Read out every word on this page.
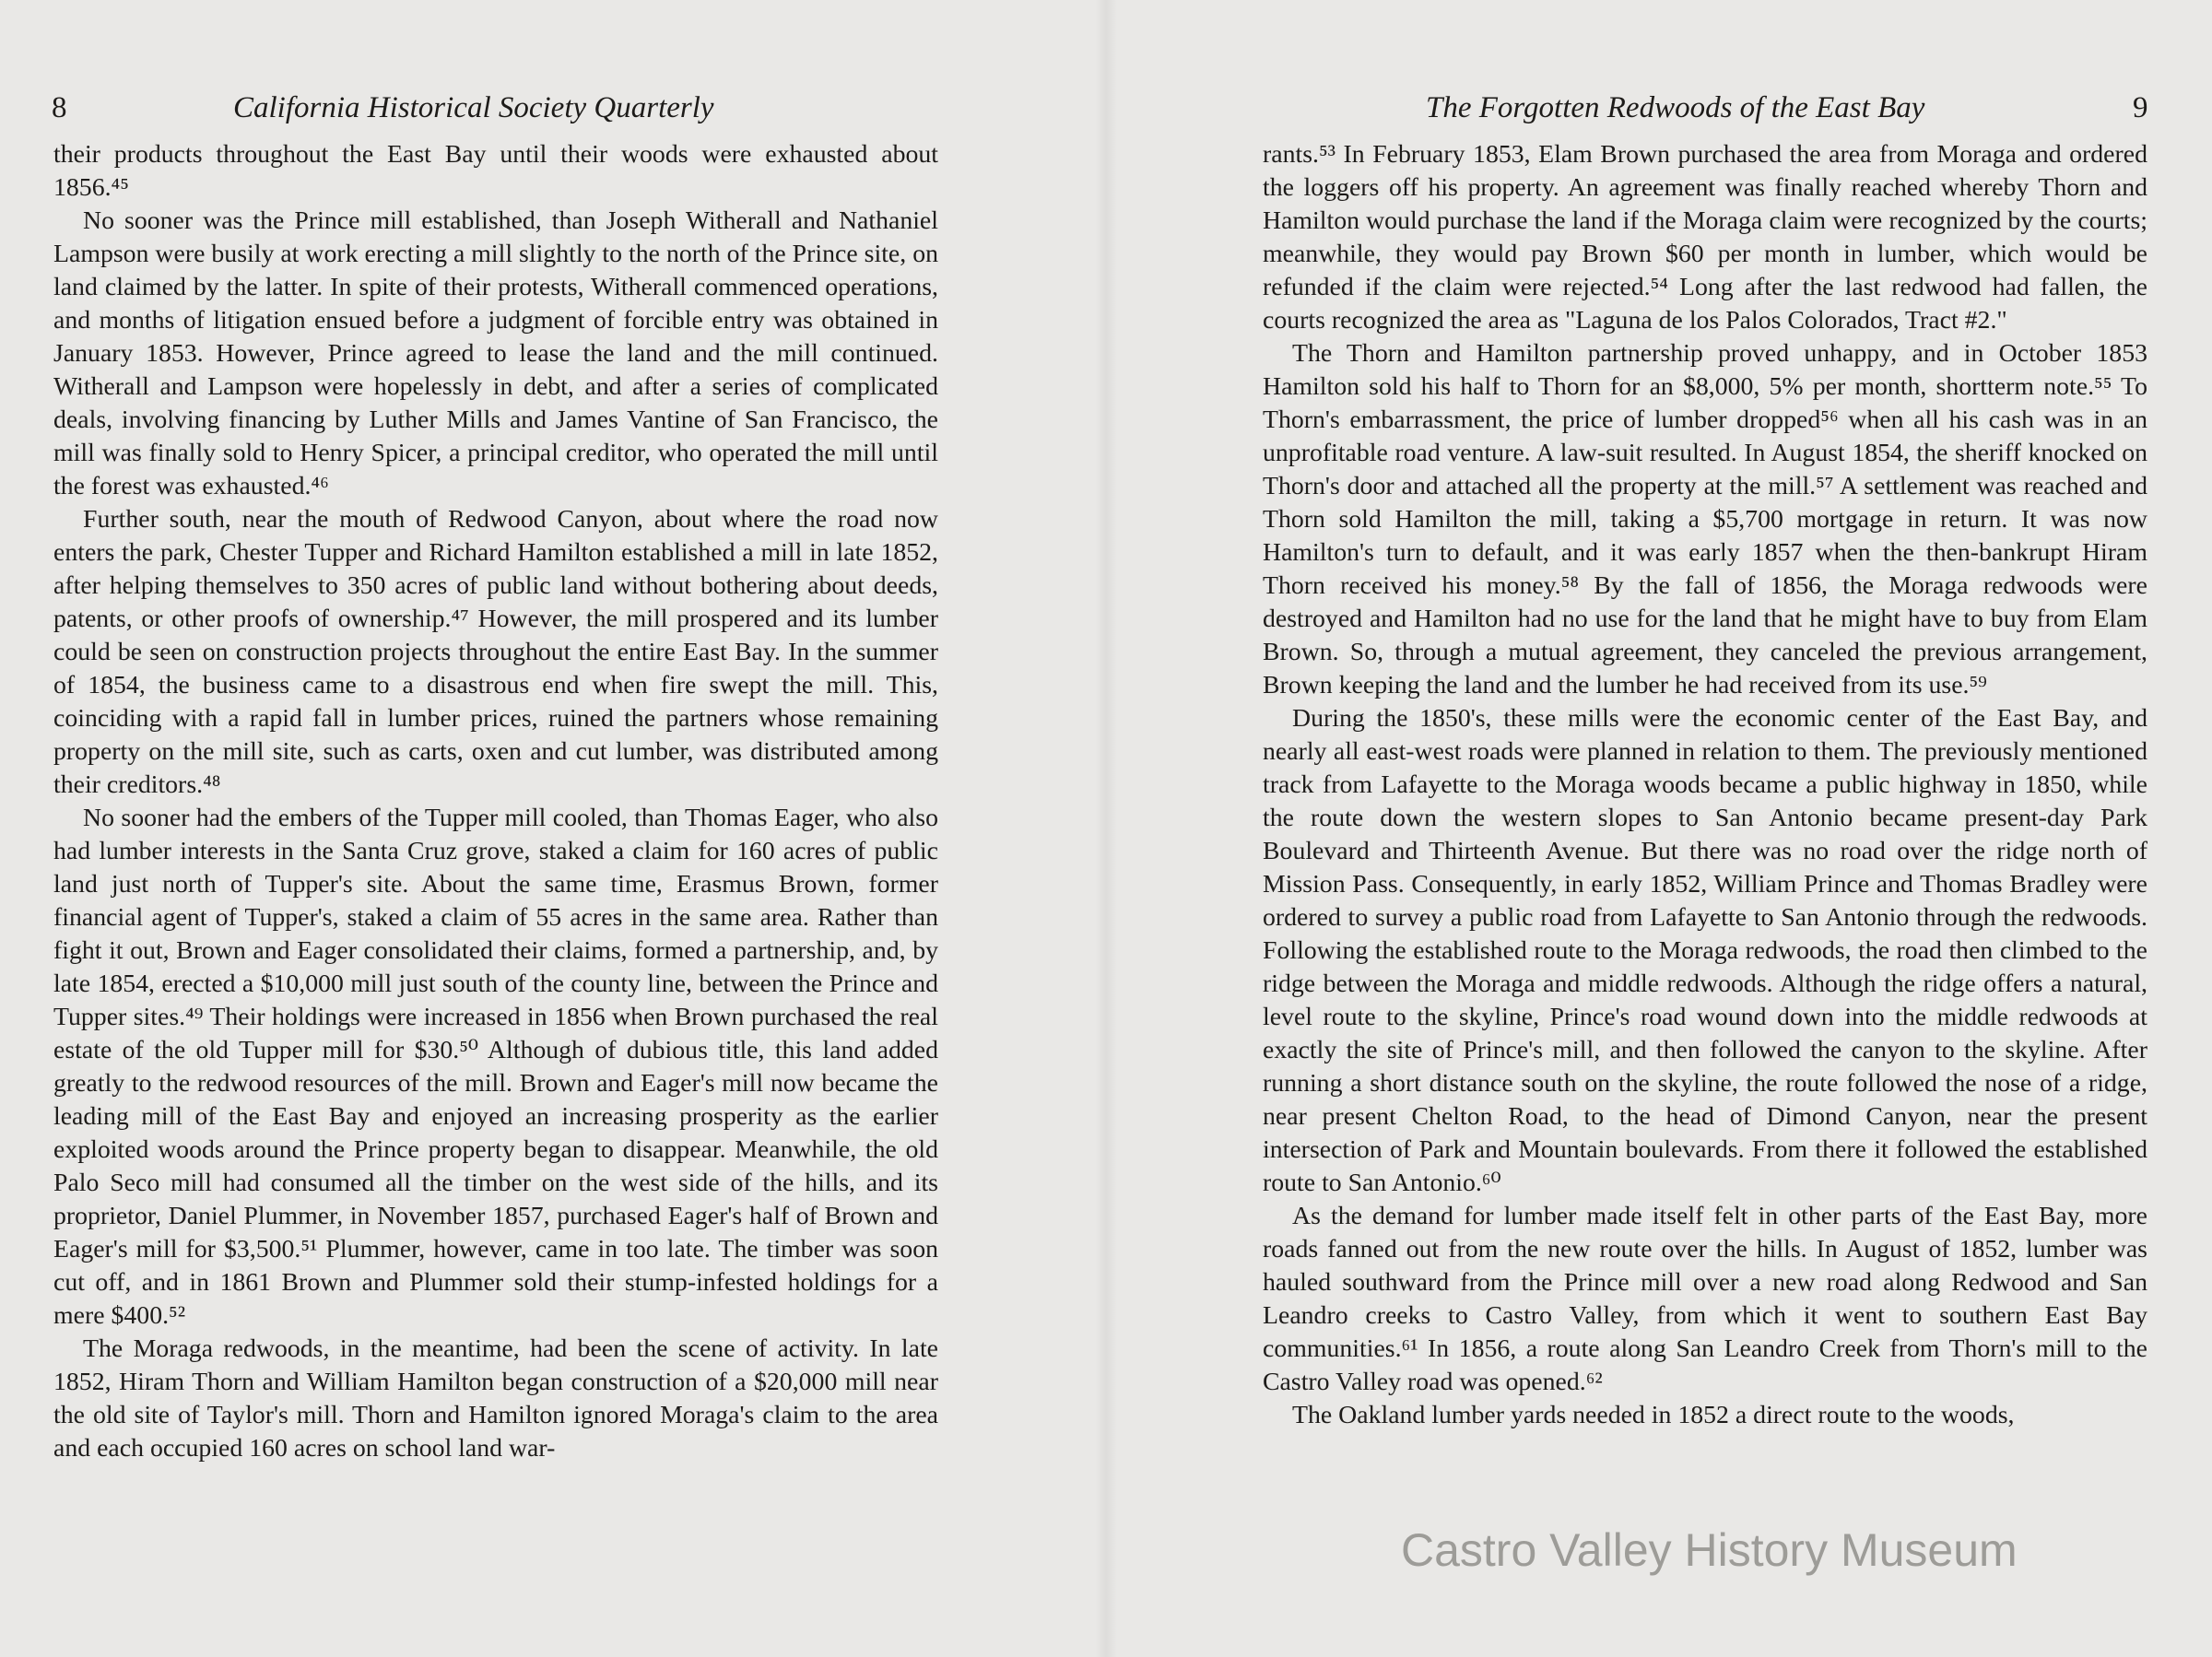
8	California Historical Society Quarterly

their products throughout the East Bay until their woods were exhausted about 1856.⁴⁵

No sooner was the Prince mill established, than Joseph Witherall and Nathaniel Lampson were busily at work erecting a mill slightly to the north of the Prince site, on land claimed by the latter. In spite of their protests, Witherall commenced operations, and months of litigation ensued before a judgment of forcible entry was obtained in January 1853. However, Prince agreed to lease the land and the mill continued. Witherall and Lampson were hopelessly in debt, and after a series of complicated deals, involving financing by Luther Mills and James Vantine of San Francisco, the mill was finally sold to Henry Spicer, a principal creditor, who operated the mill until the forest was exhausted.⁴⁶

Further south, near the mouth of Redwood Canyon, about where the road now enters the park, Chester Tupper and Richard Hamilton established a mill in late 1852, after helping themselves to 350 acres of public land without bothering about deeds, patents, or other proofs of ownership.⁴⁷ However, the mill prospered and its lumber could be seen on construction projects throughout the entire East Bay. In the summer of 1854, the business came to a disastrous end when fire swept the mill. This, coinciding with a rapid fall in lumber prices, ruined the partners whose remaining property on the mill site, such as carts, oxen and cut lumber, was distributed among their creditors.⁴⁸

No sooner had the embers of the Tupper mill cooled, than Thomas Eager, who also had lumber interests in the Santa Cruz grove, staked a claim for 160 acres of public land just north of Tupper's site. About the same time, Erasmus Brown, former financial agent of Tupper's, staked a claim of 55 acres in the same area. Rather than fight it out, Brown and Eager consolidated their claims, formed a partnership, and, by late 1854, erected a $10,000 mill just south of the county line, between the Prince and Tupper sites.⁴⁹ Their holdings were increased in 1856 when Brown purchased the real estate of the old Tupper mill for $30.⁵⁰ Although of dubious title, this land added greatly to the redwood resources of the mill. Brown and Eager's mill now became the leading mill of the East Bay and enjoyed an increasing prosperity as the earlier exploited woods around the Prince property began to disappear. Meanwhile, the old Palo Seco mill had consumed all the timber on the west side of the hills, and its proprietor, Daniel Plummer, in November 1857, purchased Eager's half of Brown and Eager's mill for $3,500.⁵¹ Plummer, however, came in too late. The timber was soon cut off, and in 1861 Brown and Plummer sold their stump-infested holdings for a mere $400.⁵²

The Moraga redwoods, in the meantime, had been the scene of activity. In late 1852, Hiram Thorn and William Hamilton began construction of a $20,000 mill near the old site of Taylor's mill. Thorn and Hamilton ignored Moraga's claim to the area and each occupied 160 acres on school land war-

The Forgotten Redwoods of the East Bay	9

rants.⁵³ In February 1853, Elam Brown purchased the area from Moraga and ordered the loggers off his property. An agreement was finally reached whereby Thorn and Hamilton would purchase the land if the Moraga claim were recognized by the courts; meanwhile, they would pay Brown $60 per month in lumber, which would be refunded if the claim were rejected.⁵⁴ Long after the last redwood had fallen, the courts recognized the area as "Laguna de los Palos Colorados, Tract #2."

The Thorn and Hamilton partnership proved unhappy, and in October 1853 Hamilton sold his half to Thorn for an $8,000, 5% per month, shortterm note.⁵⁵ To Thorn's embarrassment, the price of lumber dropped⁵⁶ when all his cash was in an unprofitable road venture. A law-suit resulted. In August 1854, the sheriff knocked on Thorn's door and attached all the property at the mill.⁵⁷ A settlement was reached and Thorn sold Hamilton the mill, taking a $5,700 mortgage in return. It was now Hamilton's turn to default, and it was early 1857 when the then-bankrupt Hiram Thorn received his money.⁵⁸ By the fall of 1856, the Moraga redwoods were destroyed and Hamilton had no use for the land that he might have to buy from Elam Brown. So, through a mutual agreement, they canceled the previous arrangement, Brown keeping the land and the lumber he had received from its use.⁵⁹

During the 1850's, these mills were the economic center of the East Bay, and nearly all east-west roads were planned in relation to them. The previously mentioned track from Lafayette to the Moraga woods became a public highway in 1850, while the route down the western slopes to San Antonio became present-day Park Boulevard and Thirteenth Avenue. But there was no road over the ridge north of Mission Pass. Consequently, in early 1852, William Prince and Thomas Bradley were ordered to survey a public road from Lafayette to San Antonio through the redwoods. Following the established route to the Moraga redwoods, the road then climbed to the ridge between the Moraga and middle redwoods. Although the ridge offers a natural, level route to the skyline, Prince's road wound down into the middle redwoods at exactly the site of Prince's mill, and then followed the canyon to the skyline. After running a short distance south on the skyline, the route followed the nose of a ridge, near present Chelton Road, to the head of Dimond Canyon, near the present intersection of Park and Mountain boulevards. From there it followed the established route to San Antonio.⁶⁰

As the demand for lumber made itself felt in other parts of the East Bay, more roads fanned out from the new route over the hills. In August of 1852, lumber was hauled southward from the Prince mill over a new road along Redwood and San Leandro creeks to Castro Valley, from which it went to southern East Bay communities.⁶¹ In 1856, a route along San Leandro Creek from Thorn's mill to the Castro Valley road was opened.⁶²

The Oakland lumber yards needed in 1852 a direct route to the woods,

Castro Valley History Museum
